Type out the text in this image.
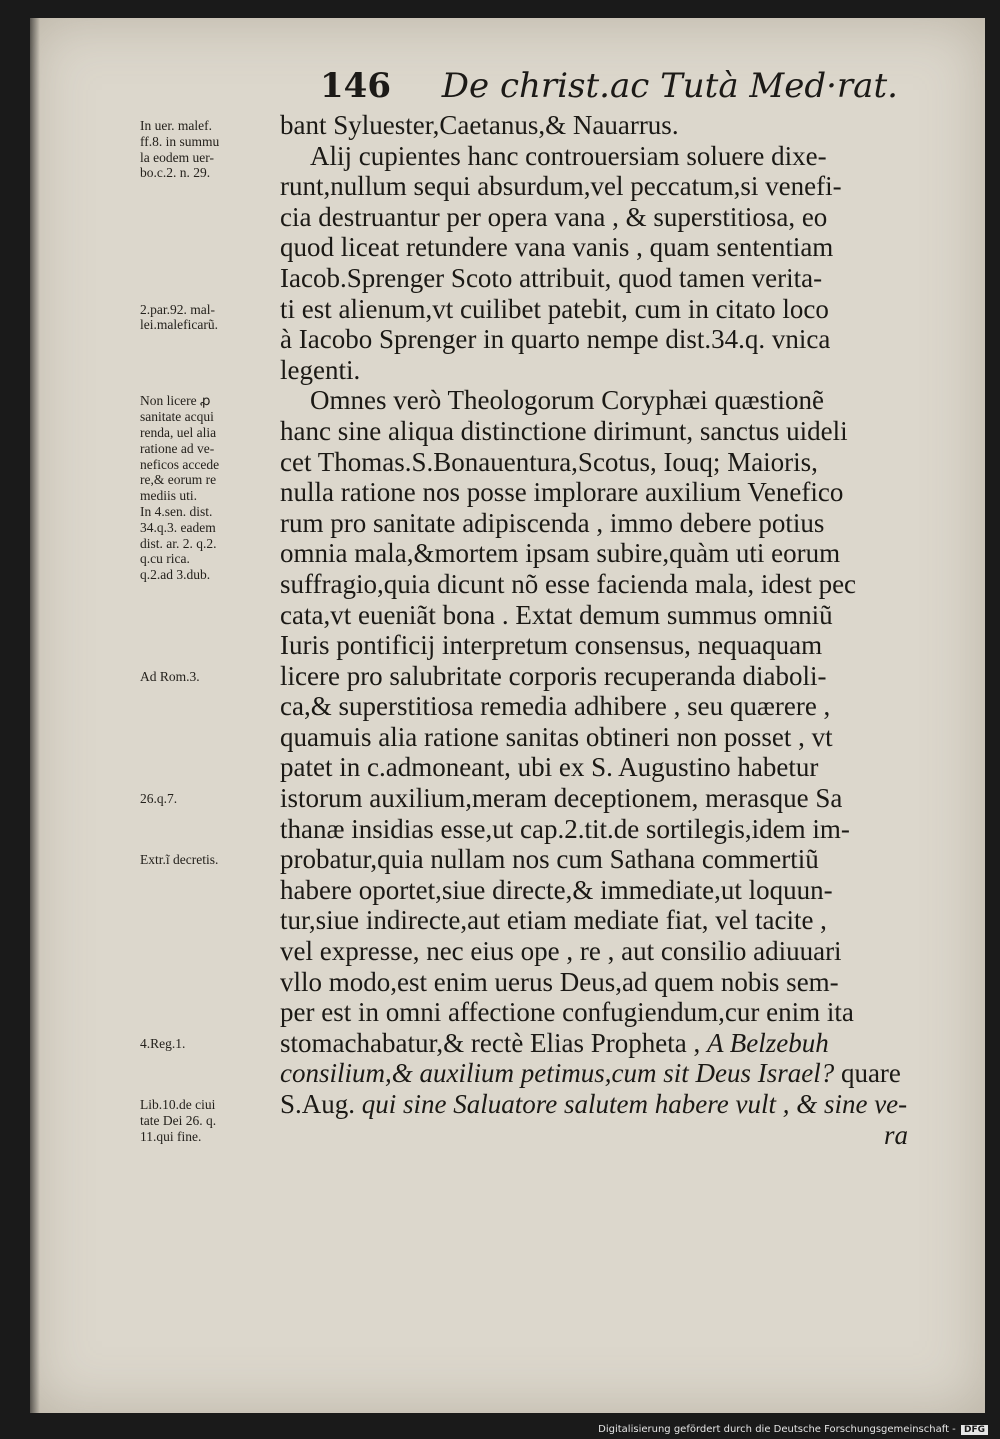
146 De christ.ac Tutà Med·rat.
In uer. malef.
ff.8. in summu
la eodem uer-
bo.c.2. n. 29.
2.par.92. mal-
lei.maleficarũ.
Non licere ꝓ
sanitate acqui
renda, uel alia
ratione ad ve-
neficos accede
re,& eorum re
mediis uti.
In 4.sen. dist.
34.q.3. eadem
dist. ar. 2. q.2.
q.cu rica.
q.2.ad 3.dub.
Ad Rom.3.
26.q.7.
Extr.ĩ decretis.
4.Reg.1.
Lib.10.de ciui
tate Dei 26. q.
11.qui fine.
bant Syluester,Caetanus,& Nauarrus.
Alij cupientes hanc controuersiam soluere dixe-
runt,nullum sequi absurdum,vel peccatum,si venefi-
cia destruantur per opera vana , & superstitiosa, eo
quod liceat retundere vana vanis , quam sententiam
Iacob.Sprenger Scoto attribuit, quod tamen verita-
ti est alienum,vt cuilibet patebit, cum in citato loco
à Iacobo Sprenger in quarto nempe dist.34.q. vnica
legenti.
Omnes verò Theologorum Coryphæi quæstionẽ
hanc sine aliqua distinctione dirimunt, sanctus uideli
cet Thomas.S.Bonauentura,Scotus, Iouq; Maioris,
nulla ratione nos posse implorare auxilium Venefico
rum pro sanitate adipiscenda , immo debere potius
omnia mala,&mortem ipsam subire,quàm uti eorum
suffragio,quia dicunt nõ esse facienda mala, idest pec
cata,vt eueniãt bona . Extat demum summus omniũ
Iuris pontificij interpretum consensus, nequaquam
licere pro salubritate corporis recuperanda diaboli-
ca,& superstitiosa remedia adhibere , seu quærere ,
quamuis alia ratione sanitas obtineri non posset , vt
patet in c.admoneant, ubi ex S. Augustino habetur
istorum auxilium,meram deceptionem, merasque Sa
thanæ insidias esse,ut cap.2.tit.de sortilegis,idem im-
probatur,quia nullam nos cum Sathana commertiũ
habere oportet,siue directe,& immediate,ut loquun-
tur,siue indirecte,aut etiam mediate fiat, vel tacite ,
vel expresse, nec eius ope , re , aut consilio adiuuari
vllo modo,est enim uerus Deus,ad quem nobis sem-
per est in omni affectione confugiendum,cur enim ita
stomachabatur,& rectè Elias Propheta , A Belzebuh
consilium,& auxilium petimus,cum sit Deus Israel? quare
S.Aug. qui sine Saluatore salutem habere vult , & sine ve-
ra
Digitalisierung gefördert durch die Deutsche Forschungsgemeinschaft - DFG
